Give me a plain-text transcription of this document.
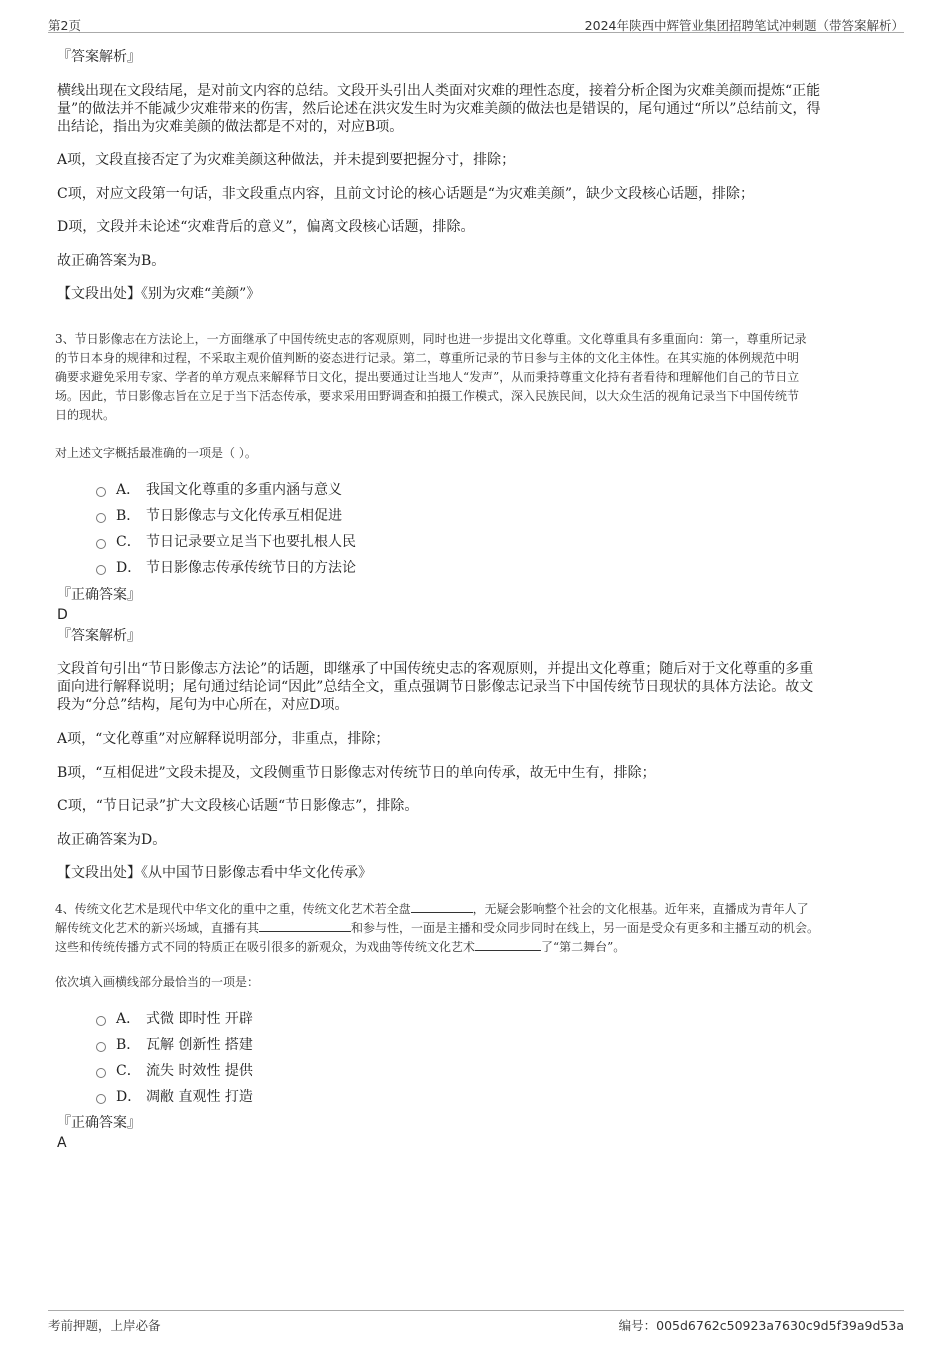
第2页	2024年陕西中辉管业集团招聘笔试冲刺题（带答案解析）
『答案解析』
横线出现在文段结尾，是对前文内容的总结。文段开头引出人类面对灾难的理性态度，接着分析企图为灾难美颜而提炼“正能
量”的做法并不能减少灾难带来的伤害，然后论述在洪灾发生时为灾难美颜的做法也是错误的，尾句通过“所以”总结前文，得
出结论，指出为灾难美颜的做法都是不对的，对应B项。
A项，文段直接否定了为灾难美颜这种做法，并未提到要把握分寸，排除；
C项，对应文段第一句话，非文段重点内容，且前文讨论的核心话题是“为灾难美颜”，缺少文段核心话题，排除；
D项，文段并未论述“灾难背后的意义”，偏离文段核心话题，排除。
故正确答案为B。
【文段出处】《别为灾难“美颜”》
3、节日影像志在方法论上，一方面继承了中国传统史志的客观原则，同时也进一步提出文化尊重。文化尊重具有多重面向：第一，尊重所记录
的节日本身的规律和过程，不采取主观价值判断的姿态进行记录。第二，尊重所记录的节日参与主体的文化主体性。在其实施的体例规范中明
确要求避免采用专家、学者的单方观点来解释节日文化，提出要通过让当地人“发声”，从而秉持尊重文化持有者看待和理解他们自己的节日立
场。因此，节日影像志旨在立足于当下活态传承，要求采用田野调查和拍摄工作模式，深入民族民间，以大众生活的视角记录当下中国传统节
日的现状。
对上述文字概括最准确的一项是（ ）。
A． 我国文化尊重的多重内涵与意义
B． 节日影像志与文化传承互相促进
C． 节日记录要立足当下也要扎根人民
D． 节日影像志传承传统节日的方法论
『正确答案』
D
『答案解析』
文段首句引出“节日影像志方法论”的话题，即继承了中国传统史志的客观原则，并提出文化尊重；随后对于文化尊重的多重
面向进行解释说明；尾句通过结论词“因此”总结全文，重点强调节日影像志记录当下中国传统节日现状的具体方法论。故文
段为“分总”结构，尾句为中心所在，对应D项。
A项，“文化尊重”对应解释说明部分，非重点，排除；
B项，“互相促进”文段未提及，文段侧重节日影像志对传统节日的单向传承，故无中生有，排除；
C项，“节日记录”扩大文段核心话题“节日影像志”，排除。
故正确答案为D。
【文段出处】《从中国节日影像志看中华文化传承》
4、传统文化艺术是现代中华文化的重中之重，传统文化艺术若全盘	，无疑会影响整个社会的文化根基。近年来，直播成为青年人了
解传统文化艺术的新兴场域，直播有其	和参与性，一面是主播和受众同步同时在线上，另一面是受众有更多和主播互动的机会。
这些和传统传播方式不同的特质正在吸引很多的新观众，为戏曲等传统文化艺术	了“第二舞台”。
依次填入画横线部分最恰当的一项是：
A． 式微 即时性 开辟
B． 瓦解 创新性 搭建
C． 流失 时效性 提供
D． 凋敝 直观性 打造
『正确答案』
A
考前押题，上岸必备	编号：005d6762c50923a7630c9d5f39a9d53a
